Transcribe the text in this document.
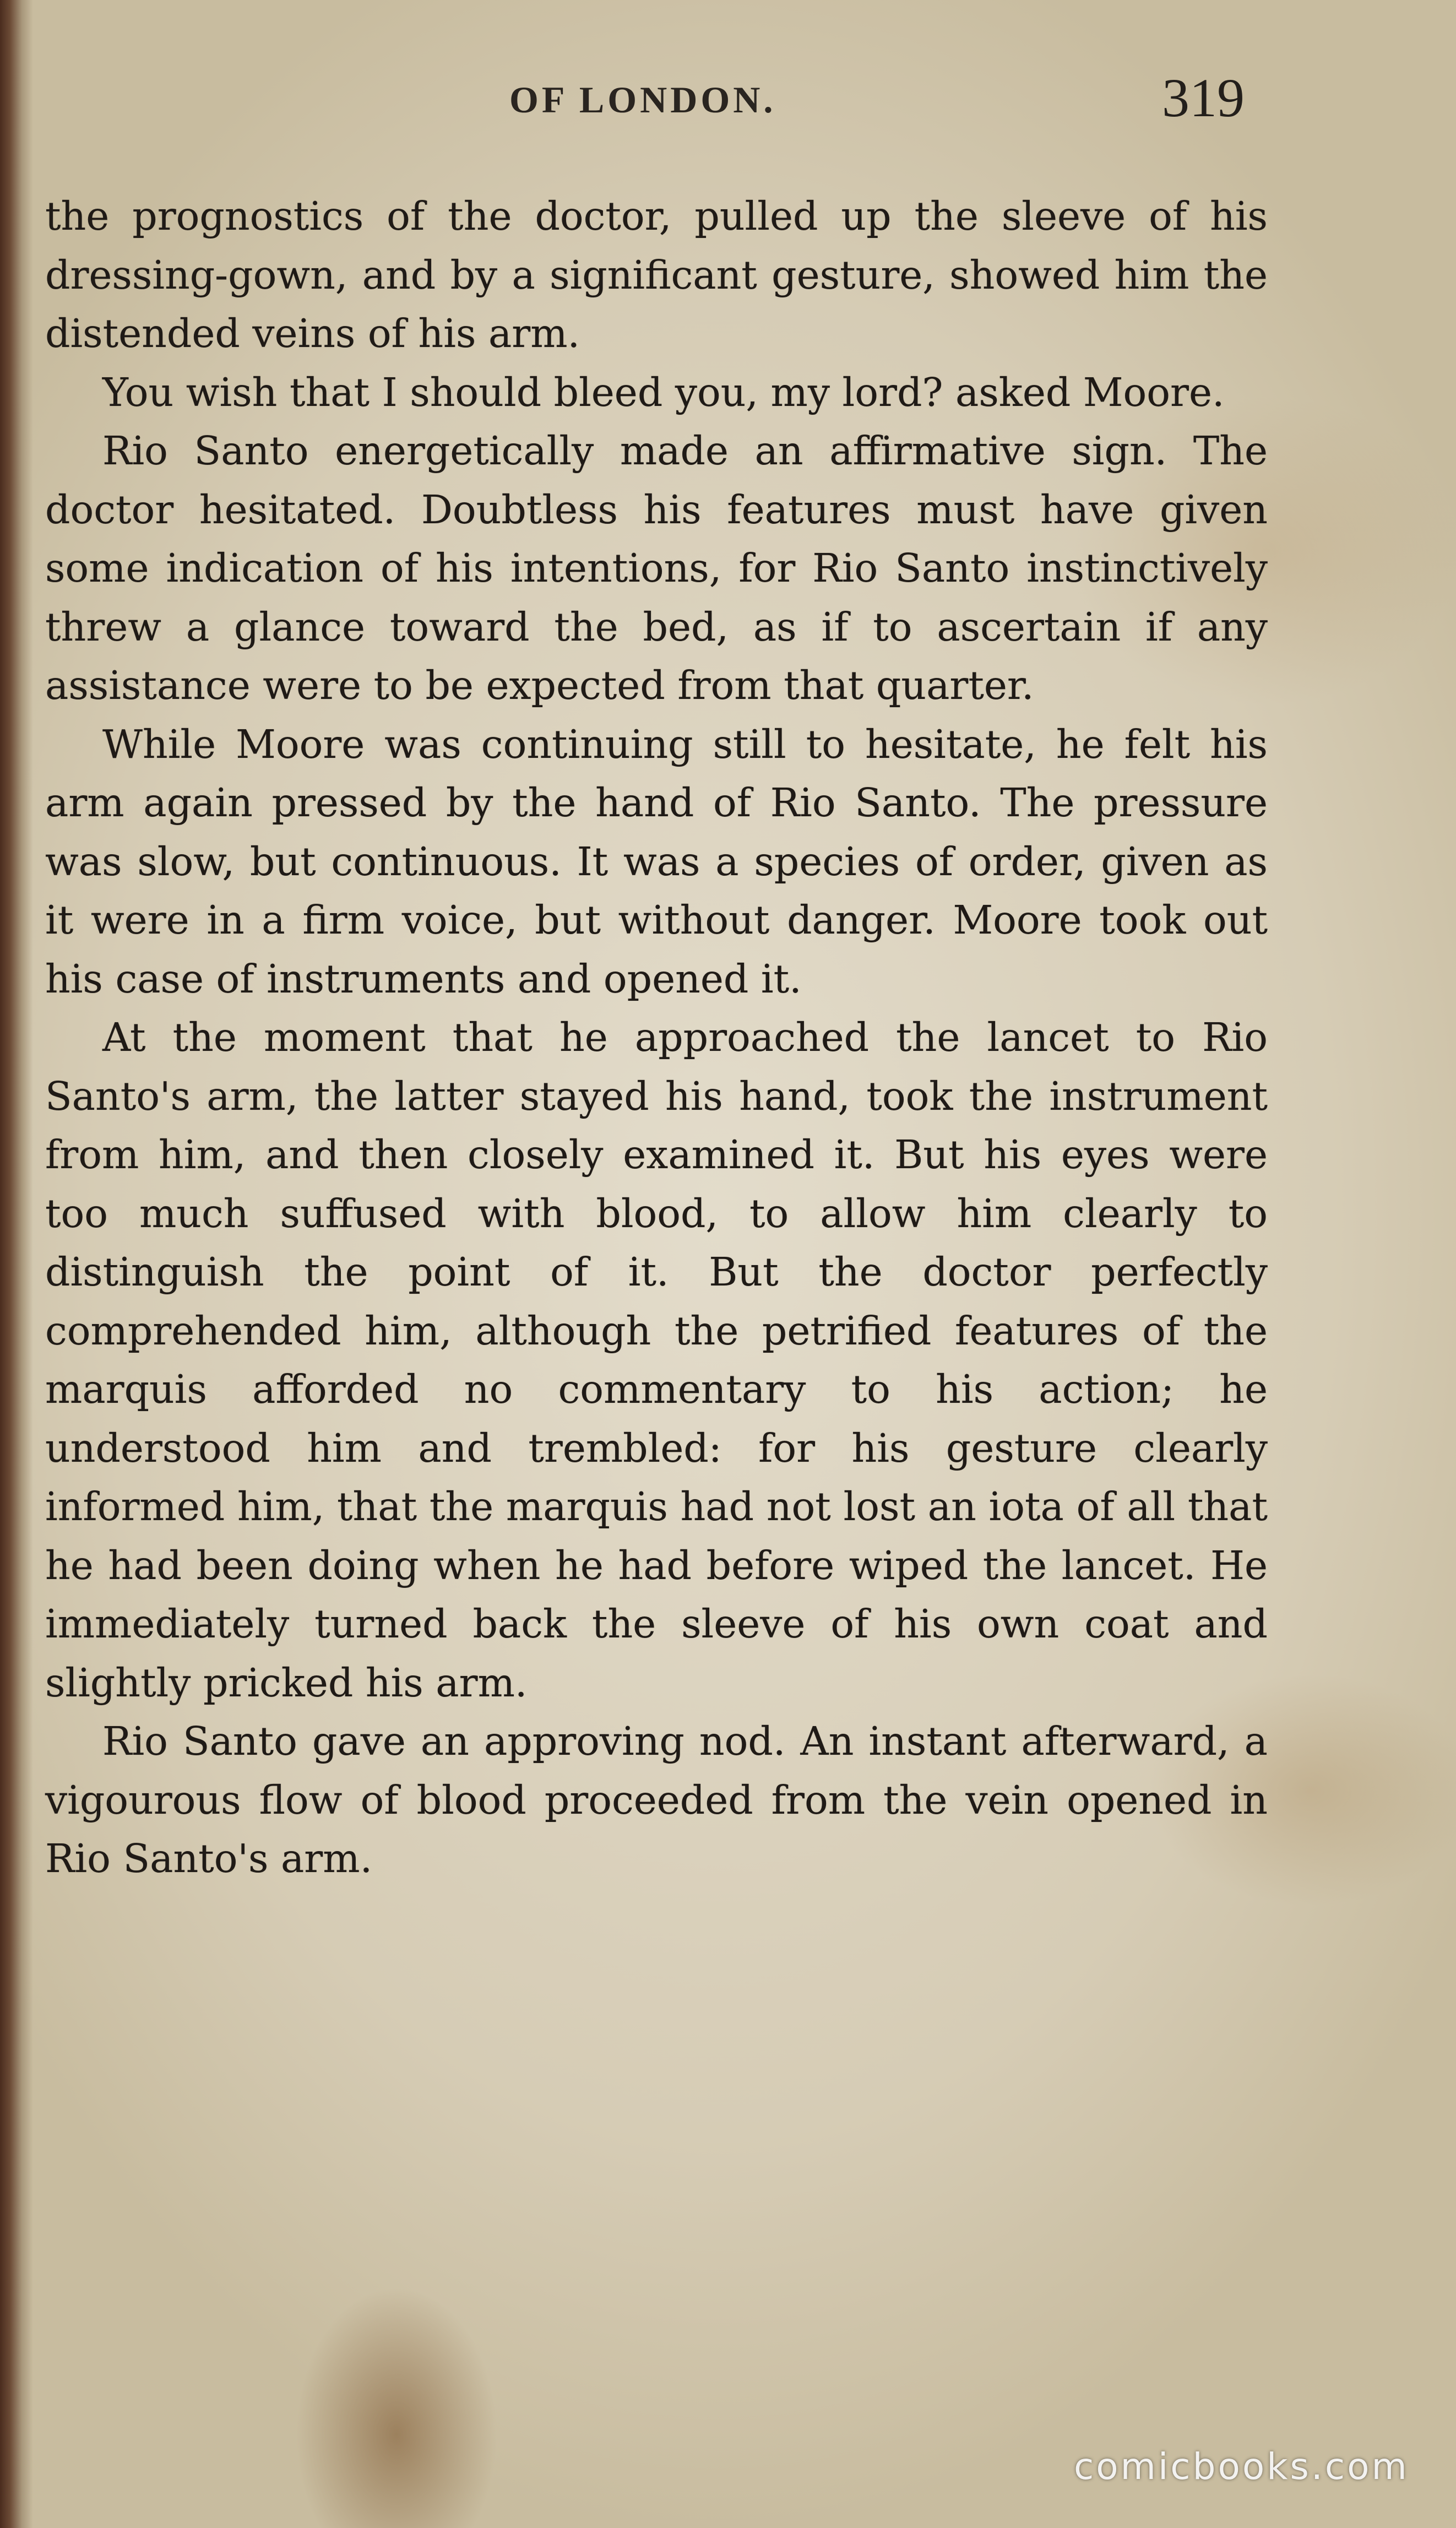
OF LONDON.	319

the prognostics of the doctor, pulled up the sleeve of his dressing-gown, and by a significant gesture, showed him the distended veins of his arm.

You wish that I should bleed you, my lord? asked Moore.

Rio Santo energetically made an affirmative sign. The doctor hesitated. Doubtless his features must have given some indication of his intentions, for Rio Santo instinctively threw a glance toward the bed, as if to ascertain if any assistance were to be expected from that quarter.

While Moore was continuing still to hesitate, he felt his arm again pressed by the hand of Rio Santo. The pressure was slow, but continuous. It was a species of order, given as it were in a firm voice, but without danger. Moore took out his case of instruments and opened it.

At the moment that he approached the lancet to Rio Santo's arm, the latter stayed his hand, took the instrument from him, and then closely examined it. But his eyes were too much suffused with blood, to allow him clearly to distinguish the point of it. But the doctor perfectly comprehended him, although the petrified features of the marquis afforded no commentary to his action; he understood him and trembled: for his gesture clearly informed him, that the marquis had not lost an iota of all that he had been doing when he had before wiped the lancet. He immediately turned back the sleeve of his own coat and slightly pricked his arm.

Rio Santo gave an approving nod. An instant afterward, a vigourous flow of blood proceeded from the vein opened in Rio Santo's arm.

comicbooks.com
